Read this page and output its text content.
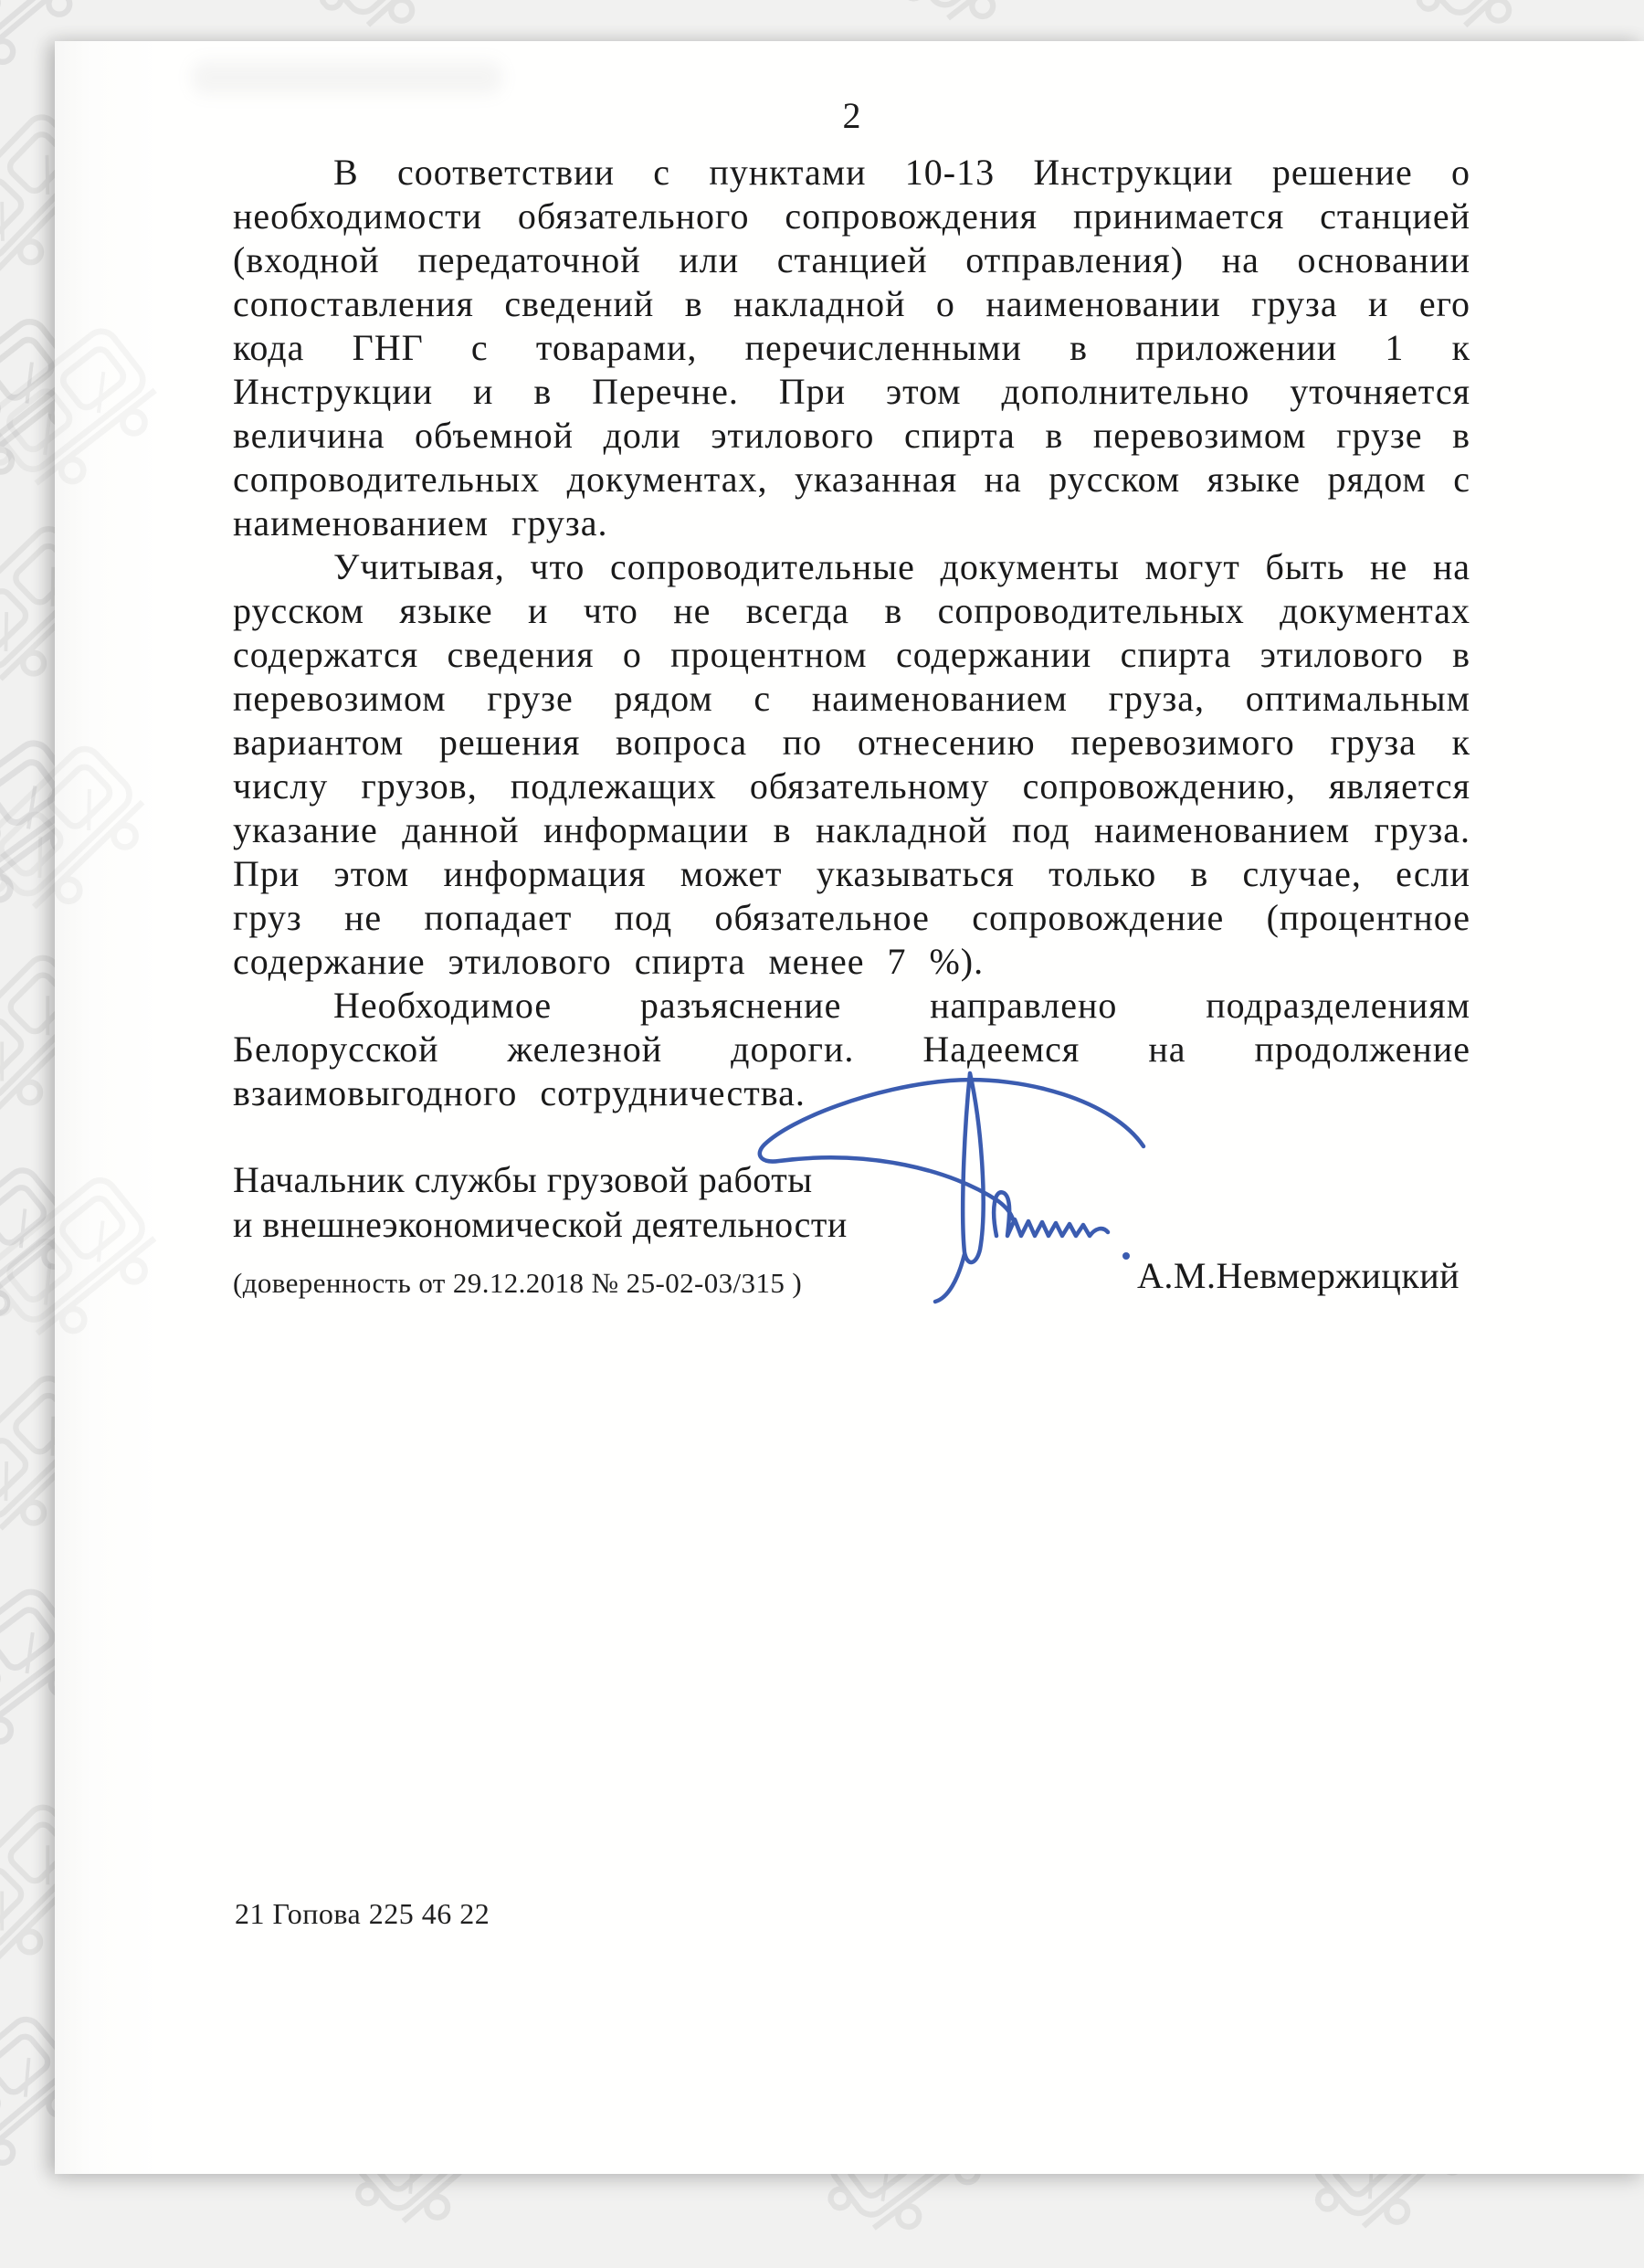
2

В соответствии с пунктами 10-13 Инструкции решение о необходимости обязательного сопровождения принимается станцией (входной передаточной или станцией отправления) на основании сопоставления сведений в накладной о наименовании груза и его кода ГНГ с товарами, перечисленными в приложении 1 к Инструкции и в Перечне. При этом дополнительно уточняется величина объемной доли этилового спирта в перевозимом грузе в сопроводительных документах, указанная на русском языке рядом с наименованием груза.

Учитывая, что сопроводительные документы могут быть не на русском языке и что не всегда в сопроводительных документах содержатся сведения о процентном содержании спирта этилового в перевозимом грузе рядом с наименованием груза, оптимальным вариантом решения вопроса по отнесению перевозимого груза к числу грузов, подлежащих обязательному сопровождению, является указание данной информации в накладной под наименованием груза. При этом информация может указываться только в случае, если груз не попадает под обязательное сопровождение (процентное содержание этилового спирта менее 7 %).

Необходимое разъяснение направлено подразделениям Белорусской железной дороги. Надеемся на продолжение взаимовыгодного сотрудничества.

Начальник службы грузовой работы
и внешнеэкономической деятельности
А.М.Невмержицкий
(доверенность от 29.12.2018 № 25-02-03/315 )
21 Гопова 225 46 22
